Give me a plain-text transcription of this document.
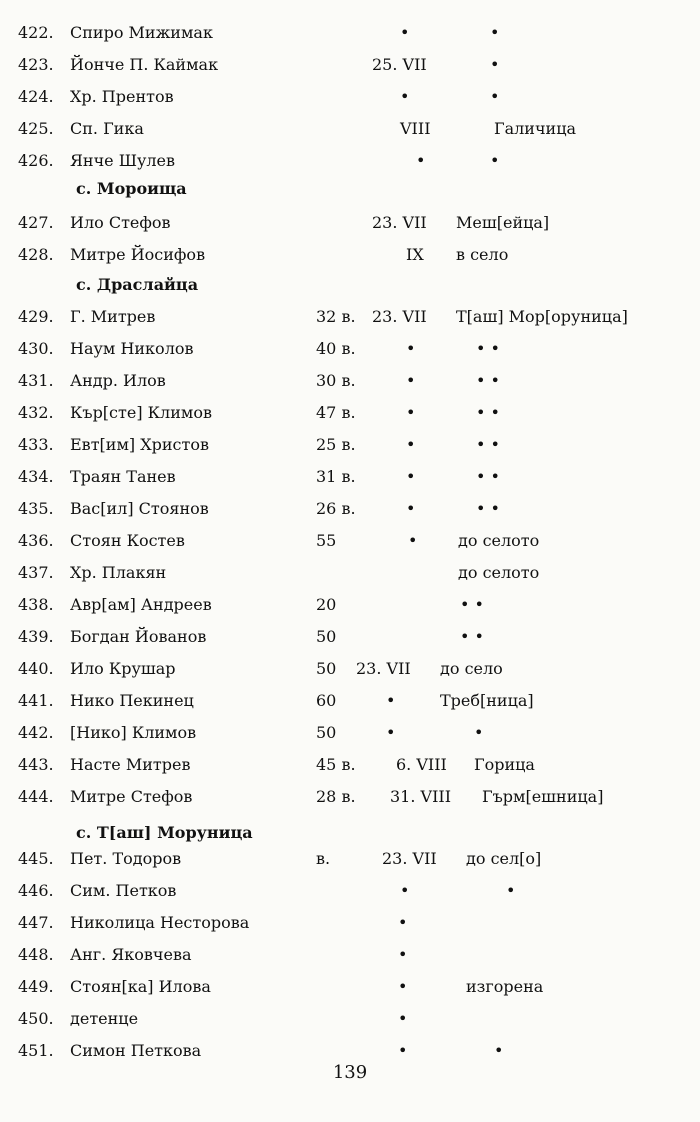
422. Спиро Мижимак	•	•
423. Йонче П. Каймак	25. VII	•
424. Хр. Прентов	•	•
425. Сп. Гика	VIII	Галичица
426. Янче Шулев	•	•
427. Ило Стефов	23. VII Меш[ейца]
428. Митре Йосифов	IX в село
429. Г. Митрев	32 в. 23. VII Т[аш] Мор[оруница]
430. Наум Николов	40 в.	•	• •
431. Андр. Илов	30 в.	•	• •
432. Кър[сте] Климов	47 в.	•	• •
433. Евт[им] Христов	25 в.	•	• •
434. Траян Танев	31 в.	•	• •
435. Вас[ил] Стоянов	26 в.	•	• •
436. Стоян Костев	55	•	до селото
437. Хр. Плакян	до селото
438. Авр[ам] Андреев	20	• •
439. Богдан Йованов	50	• •
440. Ило Крушар	50 23. VII до село
441. Нико Пекинец	60	•	Треб[ница]
442. [Нико] Климов	50	•	•
443. Насте Митрев	45 в.	6. VIII Горица
444. Митре Стефов	28 в. 31. VIII Гърм[ешница]
445. Пет. Тодоров	в.	23. VII до сел[о]
446. Сим. Петков	•	•
447. Николица Несторова	•
448. Анг. Яковчева	•
449. Стоян[ка] Илова	•	изгорена
450. детенце	•
451. Симон Петкова	•	•
с. Мороища
с. Драслайца
с. Т[аш] Моруница
139
